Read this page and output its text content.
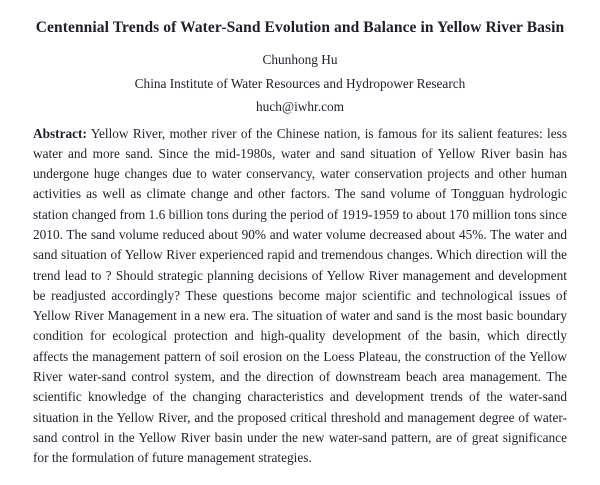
Centennial Trends of Water-Sand Evolution and Balance in Yellow River Basin
Chunhong Hu
China Institute of Water Resources and Hydropower Research
huch@iwhr.com

Abstract: Yellow River, mother river of the Chinese nation, is famous for its salient features: less water and more sand. Since the mid-1980s, water and sand situation of Yellow River basin has undergone huge changes due to water conservancy, water conservation projects and other human activities as well as climate change and other factors. The sand volume of Tongguan hydrologic station changed from 1.6 billion tons during the period of 1919-1959 to about 170 million tons since 2010. The sand volume reduced about 90% and water volume decreased about 45%. The water and sand situation of Yellow River experienced rapid and tremendous changes. Which direction will the trend lead to ? Should strategic planning decisions of Yellow River management and development be readjusted accordingly? These questions become major scientific and technological issues of Yellow River Management in a new era. The situation of water and sand is the most basic boundary condition for ecological protection and high-quality development of the basin, which directly affects the management pattern of soil erosion on the Loess Plateau, the construction of the Yellow River water-sand control system, and the direction of downstream beach area management. The scientific knowledge of the changing characteristics and development trends of the water-sand situation in the Yellow River, and the proposed critical threshold and management degree of water-sand control in the Yellow River basin under the new water-sand pattern, are of great significance for the formulation of future management strategies.
